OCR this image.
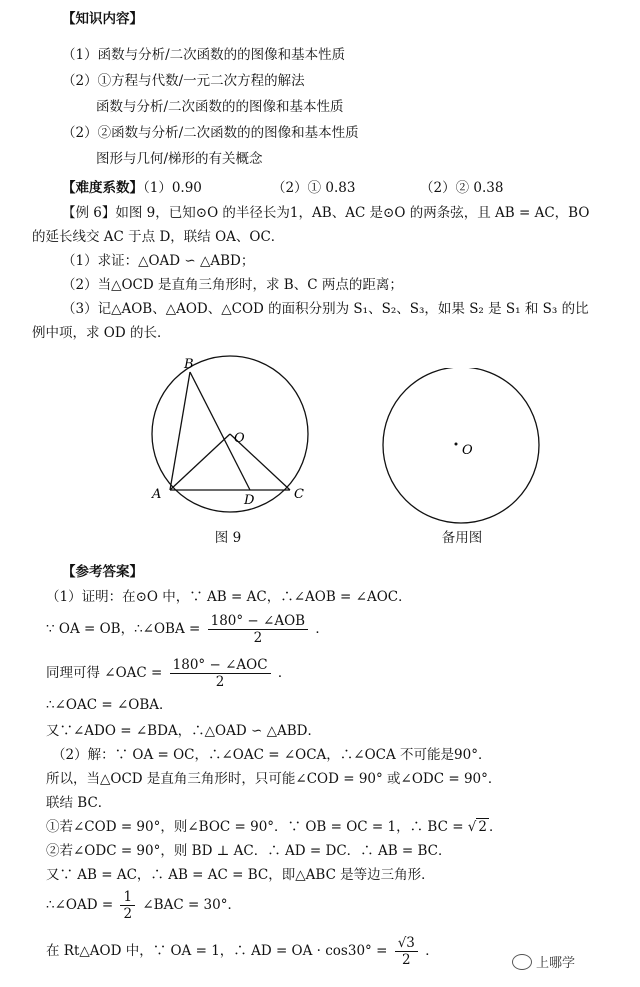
【知识内容】
（1）函数与分析/二次函数的的图像和基本性质
（2）①方程与代数/一元二次方程的解法
函数与分析/二次函数的的图像和基本性质
（2）②函数与分析/二次函数的的图像和基本性质
图形与几何/梯形的有关概念
【难度系数】（1）0.90	（2）① 0.83	（2）② 0.38
【例 6】如图 9，已知⊙O 的半径长为1，AB、AC 是⊙O 的两条弦，且 AB = AC，BO
的延长线交 AC 于点 D，联结 OA、OC．
（1）求证：△OAD ∽ △ABD；
（2）当△OCD 是直角三角形时，求 B、C 两点的距离；
（3）记△AOB、△AOD、△COD 的面积分别为 S₁、S₂、S₃，如果 S₂ 是 S₁ 和 S₃ 的比
例中项，求 OD 的长．
B
O
A	D	C
图 9
O
备用图
【参考答案】
（1）证明：在⊙O 中，∵ AB = AC，∴∠AOB = ∠AOC．
∵ OA = OB，∴∠OBA = $\frac{\text{180° − ∠AOB}}{2}$ ．
同理可得 ∠OAC = $\frac{\text{180° − ∠AOC}}{2}$ ．
∴∠OAC = ∠OBA．
又∵∠ADO = ∠BDA，∴△OAD ∽ △ABD．
（2）解：∵ OA = OC，∴∠OAC = ∠OCA，∴∠OCA 不可能是90°．
所以，当△OCD 是直角三角形时，只可能∠COD = 90° 或∠ODC = 90°．
联结 BC．
①若∠COD = 90°，则∠BOC = 90°．∵ OB = OC = 1，∴ BC = √ 2 ．
②若∠ODC = 90°，则 BD ⊥ AC．∴ AD = DC．∴ AB = BC．
又∵ AB = AC，∴ AB = AC = BC，即△ABC 是等边三角形．
∴∠OAD = $\frac{1}{2}$ ∠BAC = 30°．
在 Rt△AOD 中，∵ OA = 1，∴ AD = OA · $\cos 30^\circ = \frac{√3}{2}$ ．
上哪学
